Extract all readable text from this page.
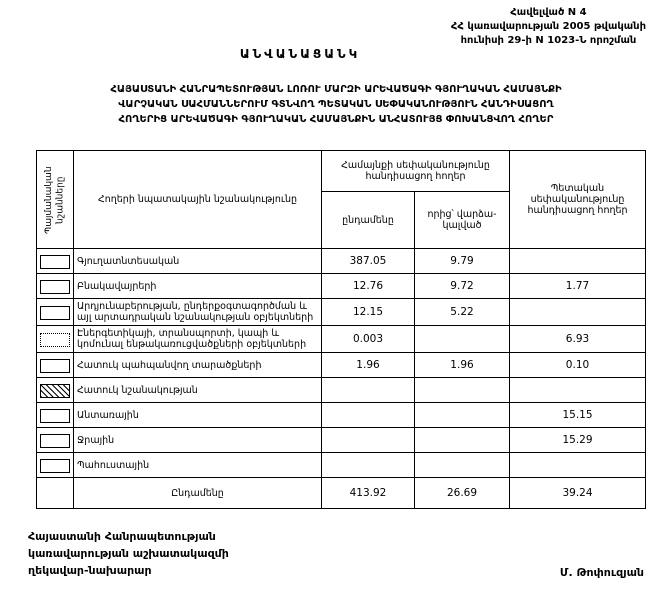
Հավելված N 4
ՀՀ կառավարության 2005 թվականի
հունիսի 29-ի N 1023-Ն որոշման
ԱՆՎԱՆԱՑԱՆԿ
ՀԱՅԱՍՏԱՆԻ ՀԱՆՐԱՊԵՏՈՒԹՅԱՆ ԼՈՌՈՒ ՄԱՐԶԻ ԱՐԵՎԱԾԱԳԻ ԳՅՈՒՂԱԿԱՆ ՀԱՄԱՅՆՔԻ
ՎԱՐՉԱԿԱՆ ՍԱՀՄԱՆՆԵՐՈՒՄ ԳՏՆՎՈՂ ՊԵՏԱԿԱՆ ՍԵՓԱԿԱՆՈՒԹՅՈՒՆ ՀԱՆԴԻՍԱՑՈՂ
ՀՈՂԵՐԻՑ ԱՐԵՎԱԾԱԳԻ ԳՅՈՒՂԱԿԱՆ ՀԱՄԱՅՆՔԻՆ ԱՆՀԱՏՈՒՅՑ ՓՈԽԱՆՑՎՈՂ ՀՈՂԵՐ
Պայմանական նշանները	Հողերի նպատակային նշանակությունը	Համայնքի սեփականությունը հանդիսացող հողեր		Պետական սեփականությունը հանդիսացող հողեր
		ընդամենը	որից՝ վարձա-կալված	
	Գյուղատնտեսական	387.05	9.79	
	Բնակավայրերի	12.76	9.72	1.77
	Արդյունաբերության, ընդերքօգտագործման և այլ արտադրական նշանակության օբյեկտների	12.15	5.22	
	Էներգետիկայի, տրանսպորտի, կապի և կոմունալ ենթակառուցվածքների օբյեկտների	0.003		6.93
	Հատուկ պահպանվող տարածքների	1.96	1.96	0.10
	Հատուկ նշանակության			
	Անտառային			15.15
	Ջրային			15.29
	Պահուստային			
	Ընդամենը	413.92	26.69	39.24
Հայաստանի Հանրապետության
կառավարության աշխատակազմի
ղեկավար-նախարար	Մ. Թոփուզյան
